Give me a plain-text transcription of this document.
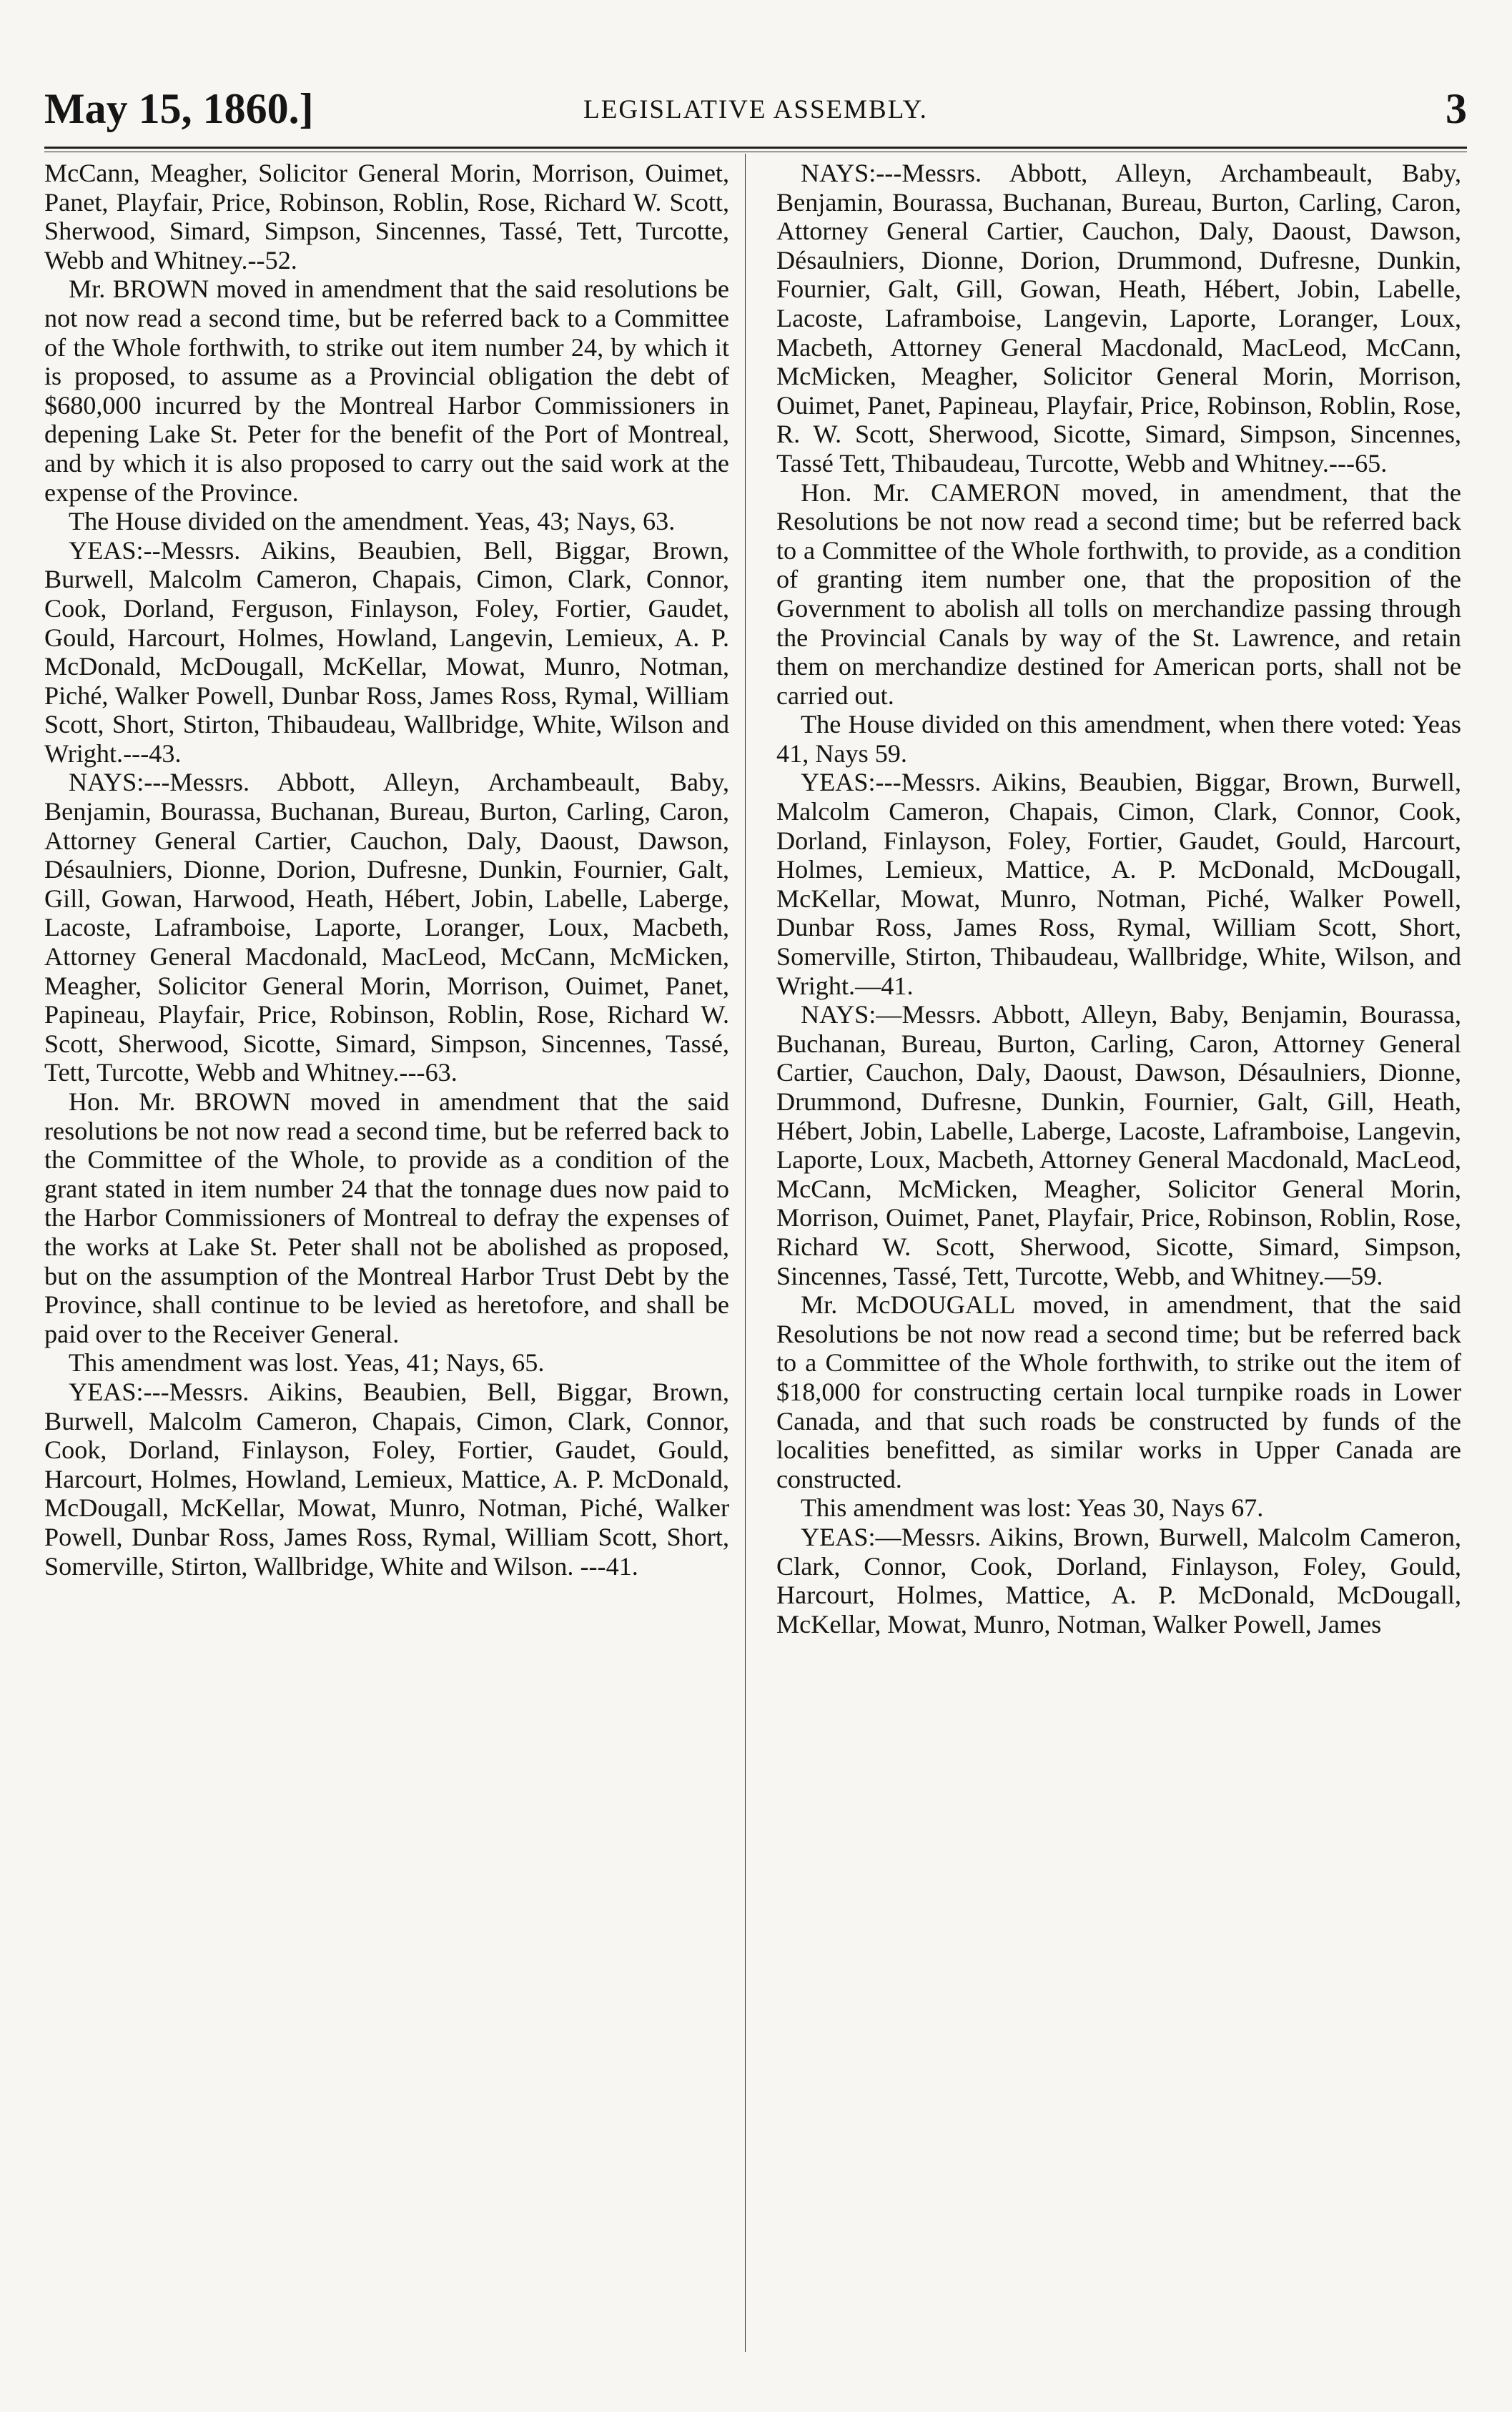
May 15, 1860.]	LEGISLATIVE ASSEMBLY.	3

McCann, Meagher, Solicitor General Morin, Morrison, Ouimet, Panet, Playfair, Price, Robinson, Roblin, Rose, Richard W. Scott, Sherwood, Simard, Simpson, Sincennes, Tassé, Tett, Turcotte, Webb and Whitney.--52.

Mr. BROWN moved in amendment that the said resolutions be not now read a second time, but be referred back to a Committee of the Whole forthwith, to strike out item number 24, by which it is proposed, to assume as a Provincial obligation the debt of $680,000 incurred by the Montreal Harbor Commissioners in depening Lake St. Peter for the benefit of the Port of Montreal, and by which it is also proposed to carry out the said work at the expense of the Province.

The House divided on the amendment. Yeas, 43; Nays, 63.

YEAS:--Messrs. Aikins, Beaubien, Bell, Biggar, Brown, Burwell, Malcolm Cameron, Chapais, Cimon, Clark, Connor, Cook, Dorland, Ferguson, Finlayson, Foley, Fortier, Gaudet, Gould, Harcourt, Holmes, Howland, Langevin, Lemieux, A. P. McDonald, McDougall, McKellar, Mowat, Munro, Notman, Piché, Walker Powell, Dunbar Ross, James Ross, Rymal, William Scott, Short, Stirton, Thibaudeau, Wallbridge, White, Wilson and Wright.---43.

NAYS:---Messrs. Abbott, Alleyn, Archambeault, Baby, Benjamin, Bourassa, Buchanan, Bureau, Burton, Carling, Caron, Attorney General Cartier, Cauchon, Daly, Daoust, Dawson, Désaulniers, Dionne, Dorion, Dufresne, Dunkin, Fournier, Galt, Gill, Gowan, Harwood, Heath, Hébert, Jobin, Labelle, Laberge, Lacoste, Laframboise, Laporte, Loranger, Loux, Macbeth, Attorney General Macdonald, MacLeod, McCann, McMicken, Meagher, Solicitor General Morin, Morrison, Ouimet, Panet, Papineau, Playfair, Price, Robinson, Roblin, Rose, Richard W. Scott, Sherwood, Sicotte, Simard, Simpson, Sincennes, Tassé, Tett, Turcotte, Webb and Whitney.---63.

Hon. Mr. BROWN moved in amendment that the said resolutions be not now read a second time, but be referred back to the Committee of the Whole, to provide as a condition of the grant stated in item number 24 that the tonnage dues now paid to the Harbor Commissioners of Montreal to defray the expenses of the works at Lake St. Peter shall not be abolished as proposed, but on the assumption of the Montreal Harbor Trust Debt by the Province, shall continue to be levied as heretofore, and shall be paid over to the Receiver General.

This amendment was lost. Yeas, 41; Nays, 65.

YEAS:---Messrs. Aikins, Beaubien, Bell, Biggar, Brown, Burwell, Malcolm Cameron, Chapais, Cimon, Clark, Connor, Cook, Dorland, Finlayson, Foley, Fortier, Gaudet, Gould, Harcourt, Holmes, Howland, Lemieux, Mattice, A. P. McDonald, McDougall, McKellar, Mowat, Munro, Notman, Piché, Walker Powell, Dunbar Ross, James Ross, Rymal, William Scott, Short, Somerville, Stirton, Wallbridge, White and Wilson. ---41.

NAYS:---Messrs. Abbott, Alleyn, Archambeault, Baby, Benjamin, Bourassa, Buchanan, Bureau, Burton, Carling, Caron, Attorney General Cartier, Cauchon, Daly, Daoust, Dawson, Désaulniers, Dionne, Dorion, Drummond, Dufresne, Dunkin, Fournier, Galt, Gill, Gowan, Heath, Hébert, Jobin, Labelle, Lacoste, Laframboise, Langevin, Laporte, Loranger, Loux, Macbeth, Attorney General Macdonald, MacLeod, McCann, McMicken, Meagher, Solicitor General Morin, Morrison, Ouimet, Panet, Papineau, Playfair, Price, Robinson, Roblin, Rose, R. W. Scott, Sherwood, Sicotte, Simard, Simpson, Sincennes, Tassé Tett, Thibaudeau, Turcotte, Webb and Whitney.---65.

Hon. Mr. CAMERON moved, in amendment, that the Resolutions be not now read a second time; but be referred back to a Committee of the Whole forthwith, to provide, as a condition of granting item number one, that the proposition of the Government to abolish all tolls on merchandize passing through the Provincial Canals by way of the St. Lawrence, and retain them on merchandize destined for American ports, shall not be carried out.

The House divided on this amendment, when there voted: Yeas 41, Nays 59.

YEAS:---Messrs. Aikins, Beaubien, Biggar, Brown, Burwell, Malcolm Cameron, Chapais, Cimon, Clark, Connor, Cook, Dorland, Finlayson, Foley, Fortier, Gaudet, Gould, Harcourt, Holmes, Lemieux, Mattice, A. P. McDonald, McDougall, McKellar, Mowat, Munro, Notman, Piché, Walker Powell, Dunbar Ross, James Ross, Rymal, William Scott, Short, Somerville, Stirton, Thibaudeau, Wallbridge, White, Wilson, and Wright.—41.

NAYS:—Messrs. Abbott, Alleyn, Baby, Benjamin, Bourassa, Buchanan, Bureau, Burton, Carling, Caron, Attorney General Cartier, Cauchon, Daly, Daoust, Dawson, Désaulniers, Dionne, Drummond, Dufresne, Dunkin, Fournier, Galt, Gill, Heath, Hébert, Jobin, Labelle, Laberge, Lacoste, Laframboise, Langevin, Laporte, Loux, Macbeth, Attorney General Macdonald, MacLeod, McCann, McMicken, Meagher, Solicitor General Morin, Morrison, Ouimet, Panet, Playfair, Price, Robinson, Roblin, Rose, Richard W. Scott, Sherwood, Sicotte, Simard, Simpson, Sincennes, Tassé, Tett, Turcotte, Webb, and Whitney.—59.

Mr. McDOUGALL moved, in amendment, that the said Resolutions be not now read a second time; but be referred back to a Committee of the Whole forthwith, to strike out the item of $18,000 for constructing certain local turnpike roads in Lower Canada, and that such roads be constructed by funds of the localities benefitted, as similar works in Upper Canada are constructed.

This amendment was lost: Yeas 30, Nays 67.

YEAS:—Messrs. Aikins, Brown, Burwell, Malcolm Cameron, Clark, Connor, Cook, Dorland, Finlayson, Foley, Gould, Harcourt, Holmes, Mattice, A. P. McDonald, McDougall, McKellar, Mowat, Munro, Notman, Walker Powell, James
